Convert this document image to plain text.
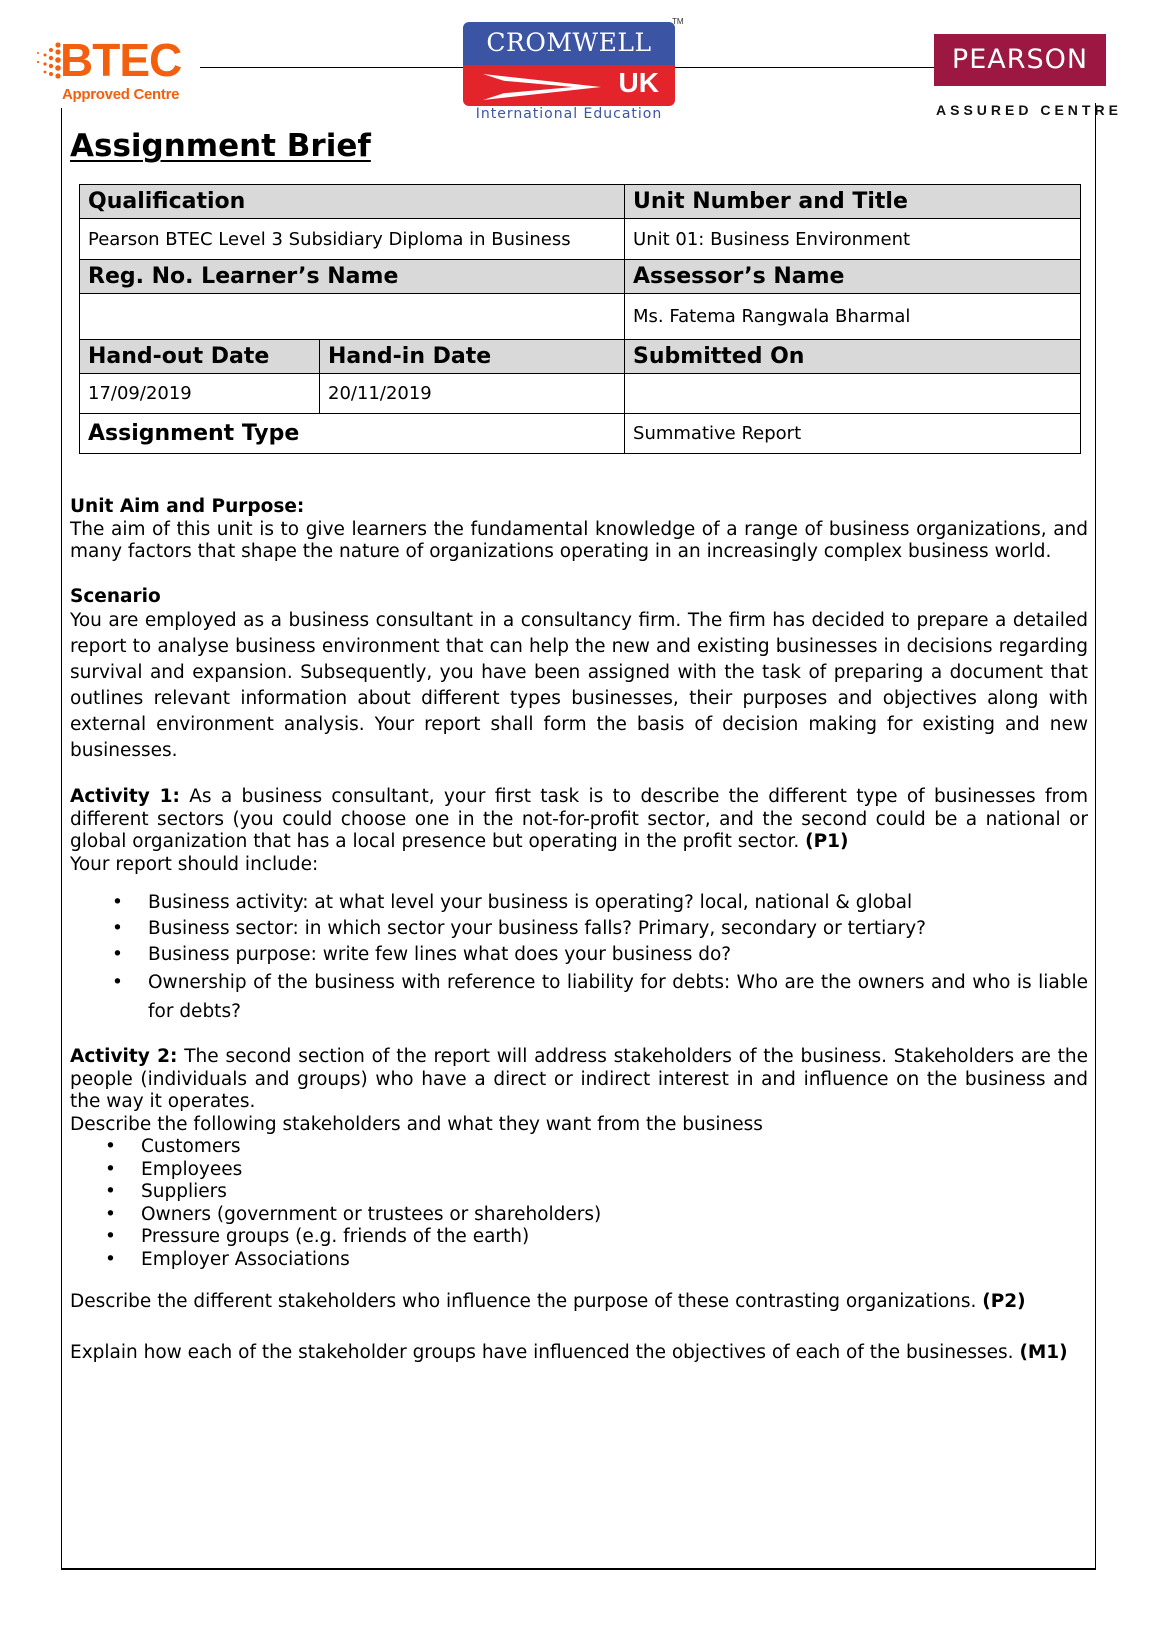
BTEC
Approved Centre
CROMWELL
UK
International Education
TM
PEARSON
ASSURED CENTRE
Assignment Brief
Qualification		Unit Number and Title
Pearson BTEC Level 3 Subsidiary Diploma in Business		Unit 01: Business Environment
Reg. No. Learner’s Name		Assessor’s Name
		Ms. Fatema Rangwala Bharmal
Hand-out Date	Hand-in Date	Submitted On
17/09/2019	20/11/2019	
Assignment Type		Summative Report

Unit Aim and Purpose:

The aim of this unit is to give learners the fundamental knowledge of a range of business organizations, and many factors that shape the nature of organizations operating in an increasingly complex business world.

Scenario

You are employed as a business consultant in a consultancy firm. The firm has decided to prepare a detailed report to analyse business environment that can help the new and existing businesses in decisions regarding survival and expansion. Subsequently, you have been assigned with the task of preparing a document that outlines relevant information about different types businesses, their purposes and objectives along with external environment analysis. Your report shall form the basis of decision making for existing and new businesses.

Activity 1: As a business consultant, your first task is to describe the different type of businesses from different sectors (you could choose one in the not-for-profit sector, and the second could be a national or global organization that has a local presence but operating in the profit sector. (P1)

Your report should include:

• Business activity: at what level your business is operating? local, national & global
• Business sector: in which sector your business falls? Primary, secondary or tertiary?
• Business purpose: write few lines what does your business do?
• Ownership of the business with reference to liability for debts: Who are the owners and who is liable for debts?

Activity 2: The second section of the report will address stakeholders of the business. Stakeholders are the people (individuals and groups) who have a direct or indirect interest in and influence on the business and the way it operates.

Describe the following stakeholders and what they want from the business

• Customers
• Employees
• Suppliers
• Owners (government or trustees or shareholders)
• Pressure groups (e.g. friends of the earth)
• Employer Associations

Describe the different stakeholders who influence the purpose of these contrasting organizations. (P2)

Explain how each of the stakeholder groups have influenced the objectives of each of the businesses. (M1)
